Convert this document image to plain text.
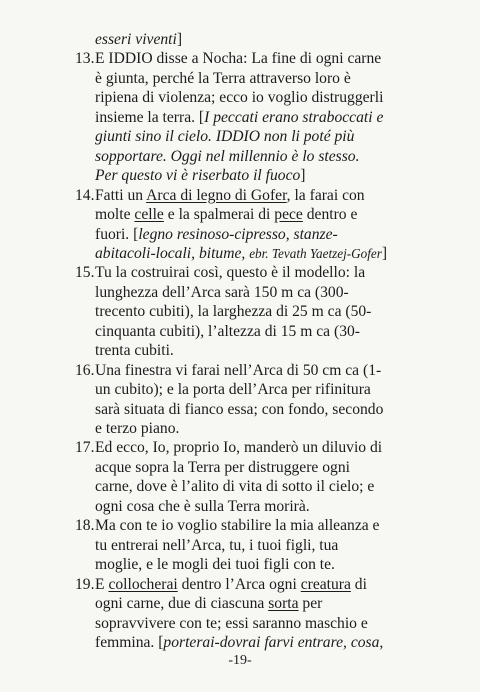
-19-
esseri viventi]
13. E IDDIO disse a Nocha: La fine di ogni carne
è giunta, perché la Terra attraverso loro è
ripiena di violenza; ecco io voglio distruggerli
insieme la terra. [I peccati erano straboccati e
giunti sino il cielo. IDDIO non li poté più
sopportare. Oggi nel millennio è lo stesso.
Per questo vi è riserbato il fuoco]
14. Fatti un Arca di legno di Gofer, la farai con
molte celle e la spalmerai di pece dentro e
fuori. [legno resinoso-cipresso, stanze-
abitacoli-locali, bitume, ebr. Tevath Yaetzej-Gofer]
15. Tu la costruirai così, questo è il modello: la
lunghezza dell’Arca sarà 150 m ca (300-
trecento cubiti), la larghezza di 25 m ca (50-
cinquanta cubiti), l’altezza di 15 m ca (30-
trenta cubiti.
16. Una finestra vi farai nell’Arca di 50 cm ca (1-
un cubito); e la porta dell’Arca per rifinitura
sarà situata di fianco essa; con fondo, secondo
e terzo piano.
17. Ed ecco, Io, proprio Io, manderò un diluvio di
acque sopra la Terra per distruggere ogni
carne, dove è l’alito di vita di sotto il cielo; e
ogni cosa che è sulla Terra morirà.
18. Ma con te io voglio stabilire la mia alleanza e
tu entrerai nell’Arca, tu, i tuoi figli, tua
moglie, e le mogli dei tuoi figli con te.
19. E collocherai dentro l’Arca ogni creatura di
ogni carne, due di ciascuna sorta per
sopravvivere con te; essi saranno maschio e
femmina. [porterai-dovrai farvi entrare, cosa,
